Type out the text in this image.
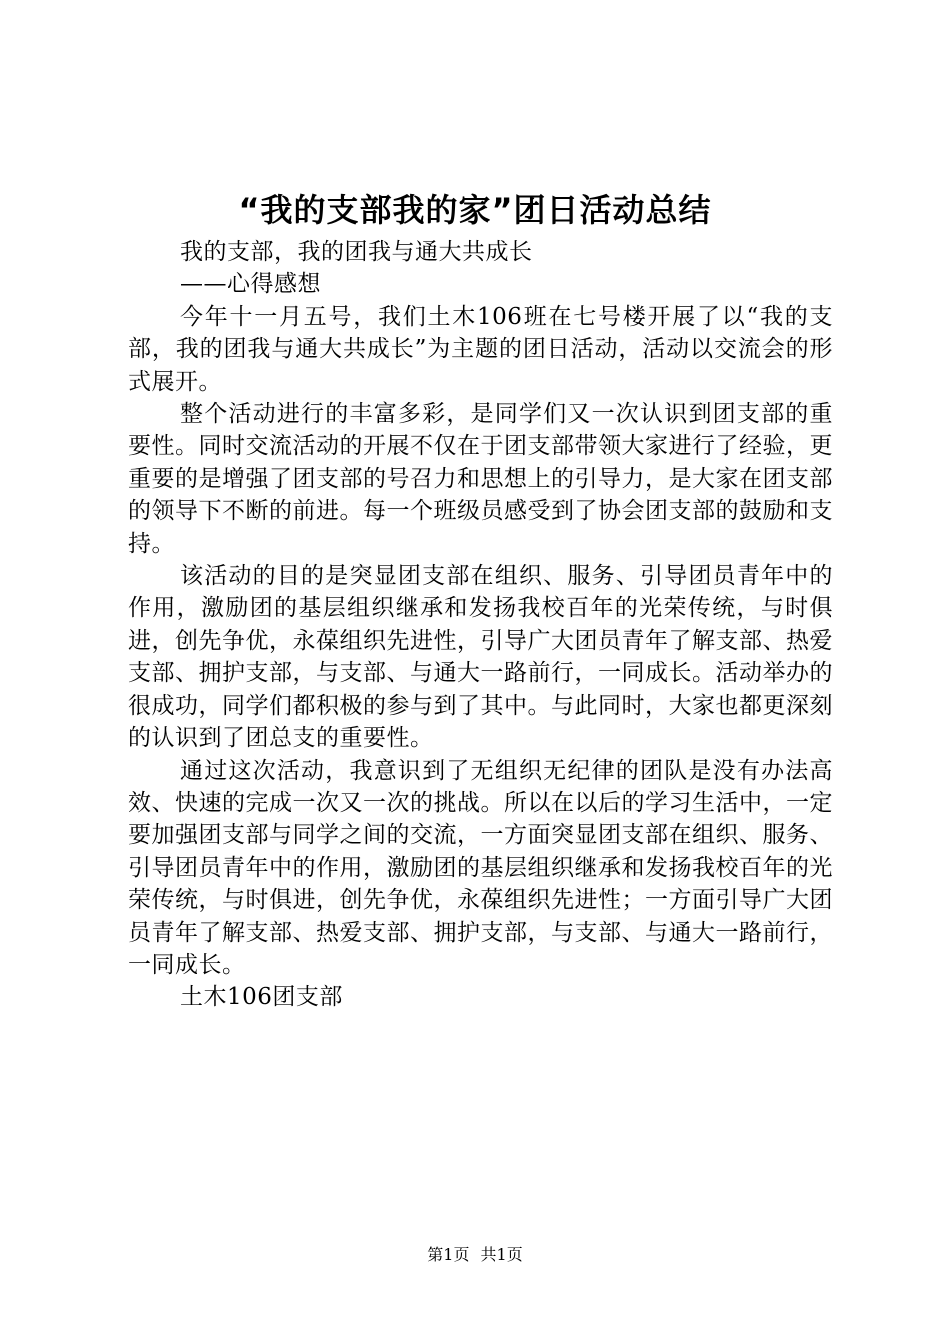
“我的支部我的家”团日活动总结

我的支部，我的团我与通大共成长

——心得感想

今年十一月五号，我们土木106班在七号楼开展了以“我的支部，我的团我与通大共成长”为主题的团日活动，活动以交流会的形式展开。

整个活动进行的丰富多彩，是同学们又一次认识到团支部的重要性。同时交流活动的开展不仅在于团支部带领大家进行了经验，更重要的是增强了团支部的号召力和思想上的引导力，是大家在团支部的领导下不断的前进。每一个班级员感受到了协会团支部的鼓励和支持。

该活动的目的是突显团支部在组织、服务、引导团员青年中的作用，激励团的基层组织继承和发扬我校百年的光荣传统，与时俱进，创先争优，永葆组织先进性，引导广大团员青年了解支部、热爱支部、拥护支部，与支部、与通大一路前行，一同成长。活动举办的很成功，同学们都积极的参与到了其中。与此同时，大家也都更深刻的认识到了团总支的重要性。

通过这次活动，我意识到了无组织无纪律的团队是没有办法高效、快速的完成一次又一次的挑战。所以在以后的学习生活中，一定要加强团支部与同学之间的交流，一方面突显团支部在组织、服务、引导团员青年中的作用，激励团的基层组织继承和发扬我校百年的光荣传统，与时俱进，创先争优，永葆组织先进性；一方面引导广大团员青年了解支部、热爱支部、拥护支部，与支部、与通大一路前行，一同成长。

土木106团支部

第1页 共1页
